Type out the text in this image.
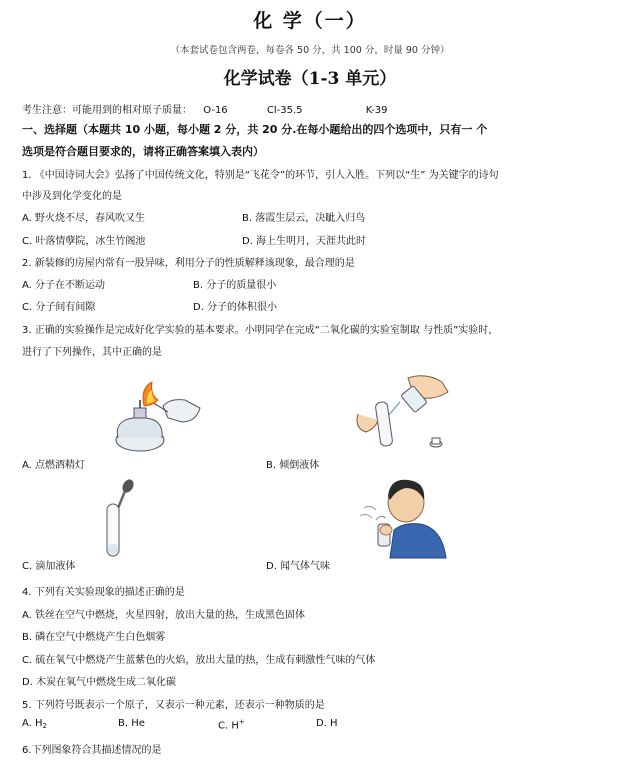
化 学（一）
（本套试卷包含两卷，每卷各 50 分，共 100 分，时量 90 分钟）
化学试卷（1-3 单元）
考生注意：可能用到的相对原子质量： O-16	Cl-35.5	K-39
一、选择题（本题共 10 小题，每小题 2 分，共 20 分.在每小题给出的四个选项中，只有一 个
选项是符合题目要求的，请将正确答案填入表内）
1. 《中国诗词大会》弘扬了中国传统文化，特别是“飞花令”的环节，引人入胜。下列以“生” 为关键字的诗句
中涉及到化学变化的是
A. 野火烧不尽，春风吹又生	B. 落霞生层云，决眦入归鸟
C. 叶落情孽院，冰生竹阁池	D. 海上生明月，天涯共此时
2. 新装修的房屋内常有一股异味，利用分子的性质解释该现象，最合理的是
A. 分子在不断运动	B. 分子的质量很小
C. 分子间有间隙	D. 分子的体积很小
3. 正确的实验操作是完成好化学实验的基本要求。小明同学在完成“二氧化碳的实验室制取 与性质”实验时，
进行了下列操作，其中正确的是
A. 点燃酒精灯	B. 倾倒液体
C. 滴加液体	D. 闻气体气味
4. 下列有关实验现象的描述正确的是
A. 铁丝在空气中燃烧，火星四射，放出大量的热，生成黑色固体
B. 磷在空气中燃烧产生白色烟雾
C. 硫在氧气中燃烧产生蓝紫色的火焰，放出大量的热，生成有刺激性气味的气体
D. 木炭在氧气中燃烧生成二氧化碳
5. 下列符号既表示一个原子，又表示一种元素，还表示一种物质的是
A. $H_2$	B. He	C. H+	D. H
6.下列图象符合其描述情况的是
